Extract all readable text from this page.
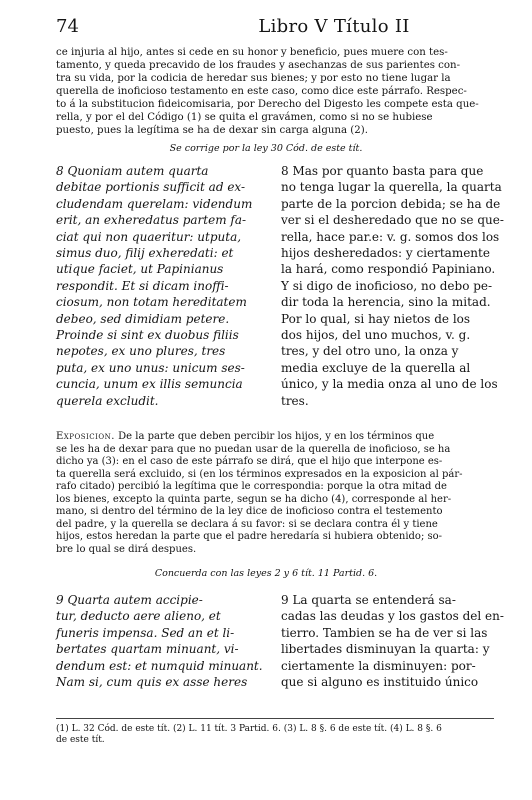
74	Libro V Título II
ce injuria al hijo, antes si cede en su honor y beneficio, pues muere con tes-
tamento, y queda precavido de los fraudes y asechanzas de sus parientes con-
tra su vida, por la codicia de heredar sus bienes; y por esto no tiene lugar la
querella de inoficioso testamento en este caso, como dice este párrafo. Respec-
to á la substitucion fideicomisaria, por Derecho del Digesto les compete esta que-
rella, y por el del Código (1) se quita el gravámen, como si no se hubiese
puesto, pues la legítima se ha de dexar sin carga alguna (2).
Se corrige por la ley 30 Cód. de este tít.
8 Quoniam autem quarta
debitae portionis sufficit ad ex-
cludendam querelam: videndum
erit, an exheredatus partem fa-
ciat qui non quaeritur: utputa,
simus duo, filij exheredati: et
utique faciet, ut Papinianus
respondit. Et si dicam inoffi-
ciosum, non totam hereditatem
debeo, sed dimidiam petere.
Proinde si sint ex duobus filiis
nepotes, ex uno plures, tres
puta, ex uno unus: unicum ses-
cuncia, unum ex illis semuncia
querela excludit.
8 Mas por quanto basta para que
no tenga lugar la querella, la quarta
parte de la porcion debida; se ha de
ver si el desheredado que no se que-
rella, hace par.e: v. g. somos dos los
hijos desheredados: y ciertamente
la hará, como respondió Papiniano.
Y si digo de inoficioso, no debo pe-
dir toda la herencia, sino la mitad.
Por lo qual, si hay nietos de los
dos hijos, del uno muchos, v. g.
tres, y del otro uno, la onza y
media excluye de la querella al
único, y la media onza al uno de los
tres.
Exposicion. De la parte que deben percibir los hijos, y en los términos que
se les ha de dexar para que no puedan usar de la querella de inoficioso, se ha
dicho ya (3): en el caso de este párrafo se dirá, que el hijo que interpone es-
ta querella será excluido, si (en los términos expresados en la exposicion al pár-
rafo citado) percibió la legítima que le correspondia: porque la otra mitad de
los bienes, excepto la quinta parte, segun se ha dicho (4), corresponde al her-
mano, si dentro del término de la ley dice de inoficioso contra el testemento
del padre, y la querella se declara á su favor: si se declara contra él y tiene
hijos, estos heredan la parte que el padre heredaría si hubiera obtenido; so-
bre lo qual se dirá despues.
Concuerda con las leyes 2 y 6 tít. 11 Partid. 6.
9 Quarta autem accipie-
tur, deducto aere alieno, et
funeris impensa. Sed an et li-
bertates quartam minuant, vi-
dendum est: et numquid minuant.
Nam si, cum quis ex asse heres
9 La quarta se entenderá sa-
cadas las deudas y los gastos del en-
tierro. Tambien se ha de ver si las
libertades disminuyan la quarta: y
ciertamente la disminuyen: por-
que si alguno es instituido único
(1) L. 32 Cód. de este tít. (2) L. 11 tít. 3 Partid. 6. (3) L. 8 §. 6 de este tít. (4) L. 8 §. 6
de este tít.
